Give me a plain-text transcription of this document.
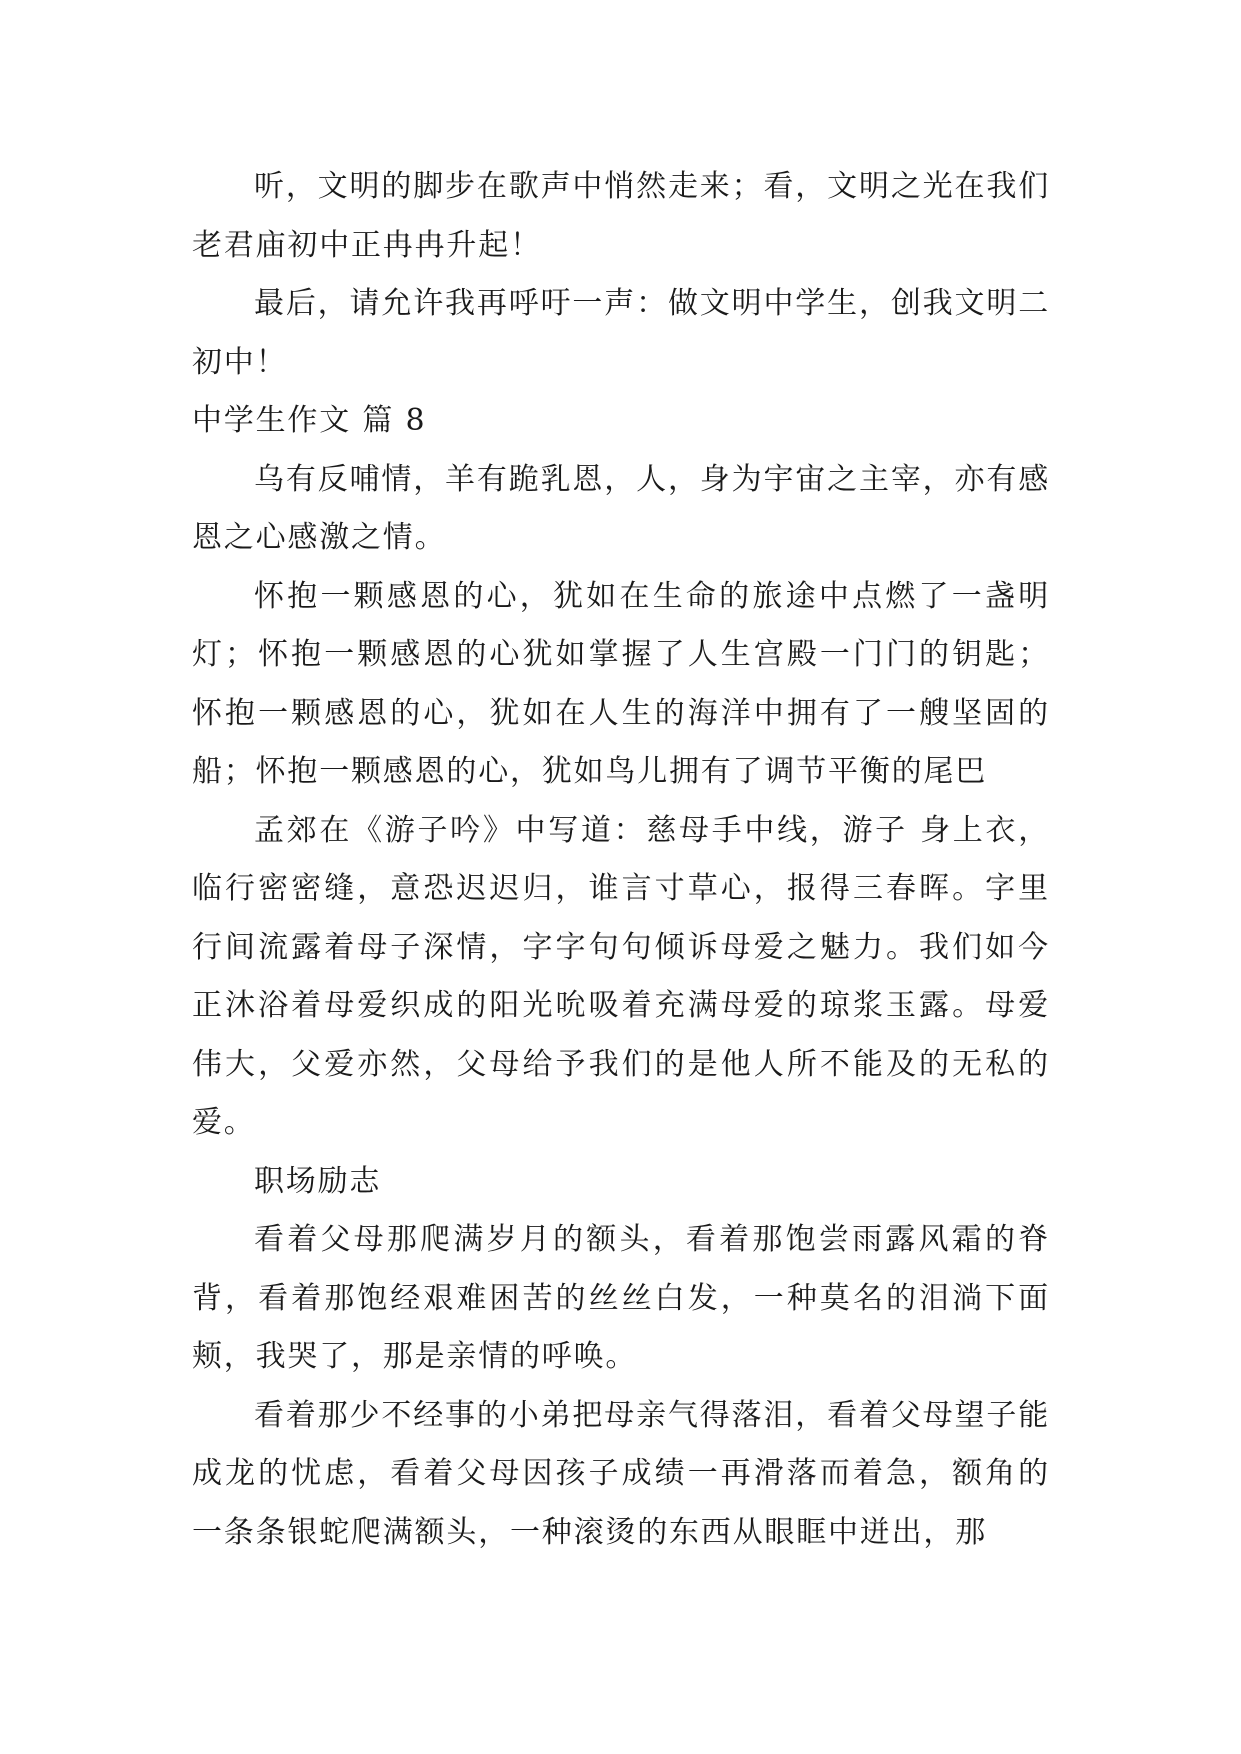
听，文明的脚步在歌声中悄然走来；看，文明之光在我们老君庙初中正冉冉升起！

最后，请允许我再呼吁一声：做文明中学生，创我文明二初中！

中学生作文 篇 8

乌有反哺情，羊有跪乳恩，人，身为宇宙之主宰，亦有感恩之心感激之情。

怀抱一颗感恩的心，犹如在生命的旅途中点燃了一盏明灯；怀抱一颗感恩的心犹如掌握了人生宫殿一门门的钥匙；怀抱一颗感恩的心，犹如在人生的海洋中拥有了一艘坚固的船；怀抱一颗感恩的心，犹如鸟儿拥有了调节平衡的尾巴

孟郊在《游子吟》中写道：慈母手中线，游子 身上衣，临行密密缝，意恐迟迟归，谁言寸草心，报得三春晖。字里行间流露着母子深情，字字句句倾诉母爱之魅力。我们如今正沐浴着母爱织成的阳光吮吸着充满母爱的琼浆玉露。母爱伟大，父爱亦然，父母给予我们的是他人所不能及的无私的爱。

职场励志

看着父母那爬满岁月的额头，看着那饱尝雨露风霜的脊背，看着那饱经艰难困苦的丝丝白发，一种莫名的泪淌下面颊，我哭了，那是亲情的呼唤。

看着那少不经事的小弟把母亲气得落泪，看着父母望子能成龙的忧虑，看着父母因孩子成绩一再滑落而着急，额角的一条条银蛇爬满额头，一种滚烫的东西从眼眶中迸出，那
